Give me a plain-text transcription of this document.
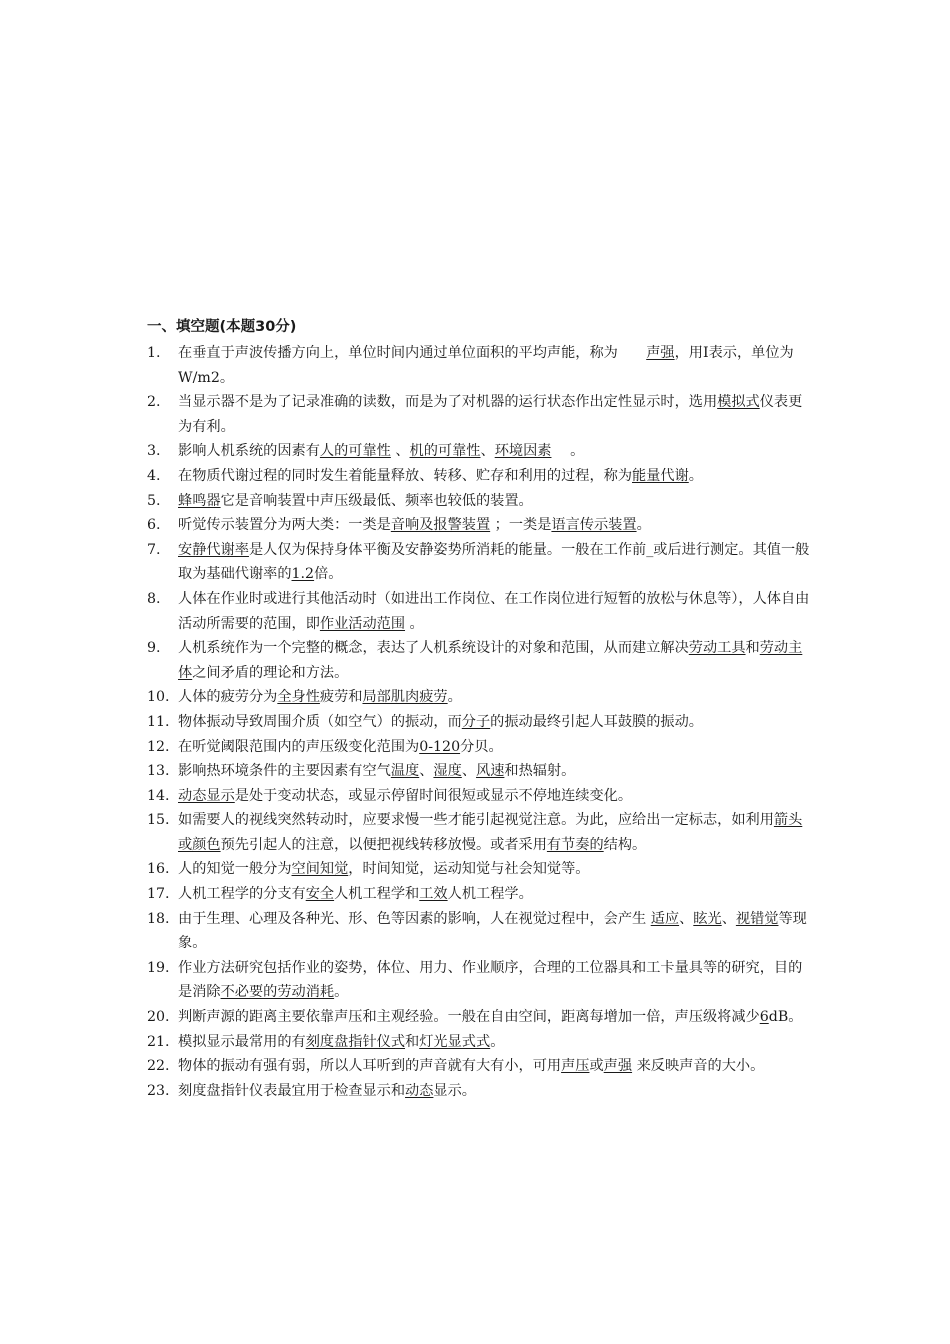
一、填空题(本题30分)
1.	在垂直于声波传播方向上，单位时间内通过单位面积的平均声能，称为　　声强，用I表示，单位为W/m2。
2.	当显示器不是为了记录准确的读数，而是为了对机器的运行状态作出定性显示时，选用模拟式仪表更为有利。
3.	影响人机系统的因素有人的可靠性 、机的可靠性、环境因素　 。
4.	在物质代谢过程的同时发生着能量释放、转移、贮存和利用的过程，称为能量代谢。
5.	蜂鸣器它是音响装置中声压级最低、频率也较低的装置。
6.	听觉传示装置分为两大类：一类是音响及报警装置 ；一类是语言传示装置。
7.	安静代谢率是人仅为保持身体平衡及安静姿势所消耗的能量。一般在工作前_或后进行测定。其值一般取为基础代谢率的1.2倍。
8.	人体在作业时或进行其他活动时（如进出工作岗位、在工作岗位进行短暂的放松与休息等），人体自由活动所需要的范围，即作业活动范围 。
9.	人机系统作为一个完整的概念，表达了人机系统设计的对象和范围，从而建立解决劳动工具和劳动主体之间矛盾的理论和方法。
10. 人体的疲劳分为全身性疲劳和局部肌肉疲劳。
11. 物体振动导致周围介质（如空气）的振动，而分子的振动最终引起人耳鼓膜的振动。
12. 在听觉阈限范围内的声压级变化范围为0-120分贝。
13. 影响热环境条件的主要因素有空气温度、湿度、风速和热辐射。
14. 动态显示是处于变动状态，或显示停留时间很短或显示不停地连续变化。
15. 如需要人的视线突然转动时，应要求慢一些才能引起视觉注意。为此，应给出一定标志，如利用箭头或颜色预先引起人的注意，以便把视线转移放慢。或者采用有节奏的结构。
16. 人的知觉一般分为空间知觉，时间知觉，运动知觉与社会知觉等。
17. 人机工程学的分支有安全人机工程学和工效人机工程学。
18. 由于生理、心理及各种光、形、色等因素的影响，人在视觉过程中，会产生 适应、眩光、视错觉等现象。
19. 作业方法研究包括作业的姿势，体位、用力、作业顺序，合理的工位器具和工卡量具等的研究，目的是消除不必要的劳动消耗。
20. 判断声源的距离主要依靠声压和主观经验。一般在自由空间，距离每增加一倍，声压级将减少6dB。
21. 模拟显示最常用的有刻度盘指针仪式和灯光显式式。
22. 物体的振动有强有弱，所以人耳听到的声音就有大有小，可用声压或声强 来反映声音的大小。
23. 刻度盘指针仪表最宜用于检查显示和动态显示。
